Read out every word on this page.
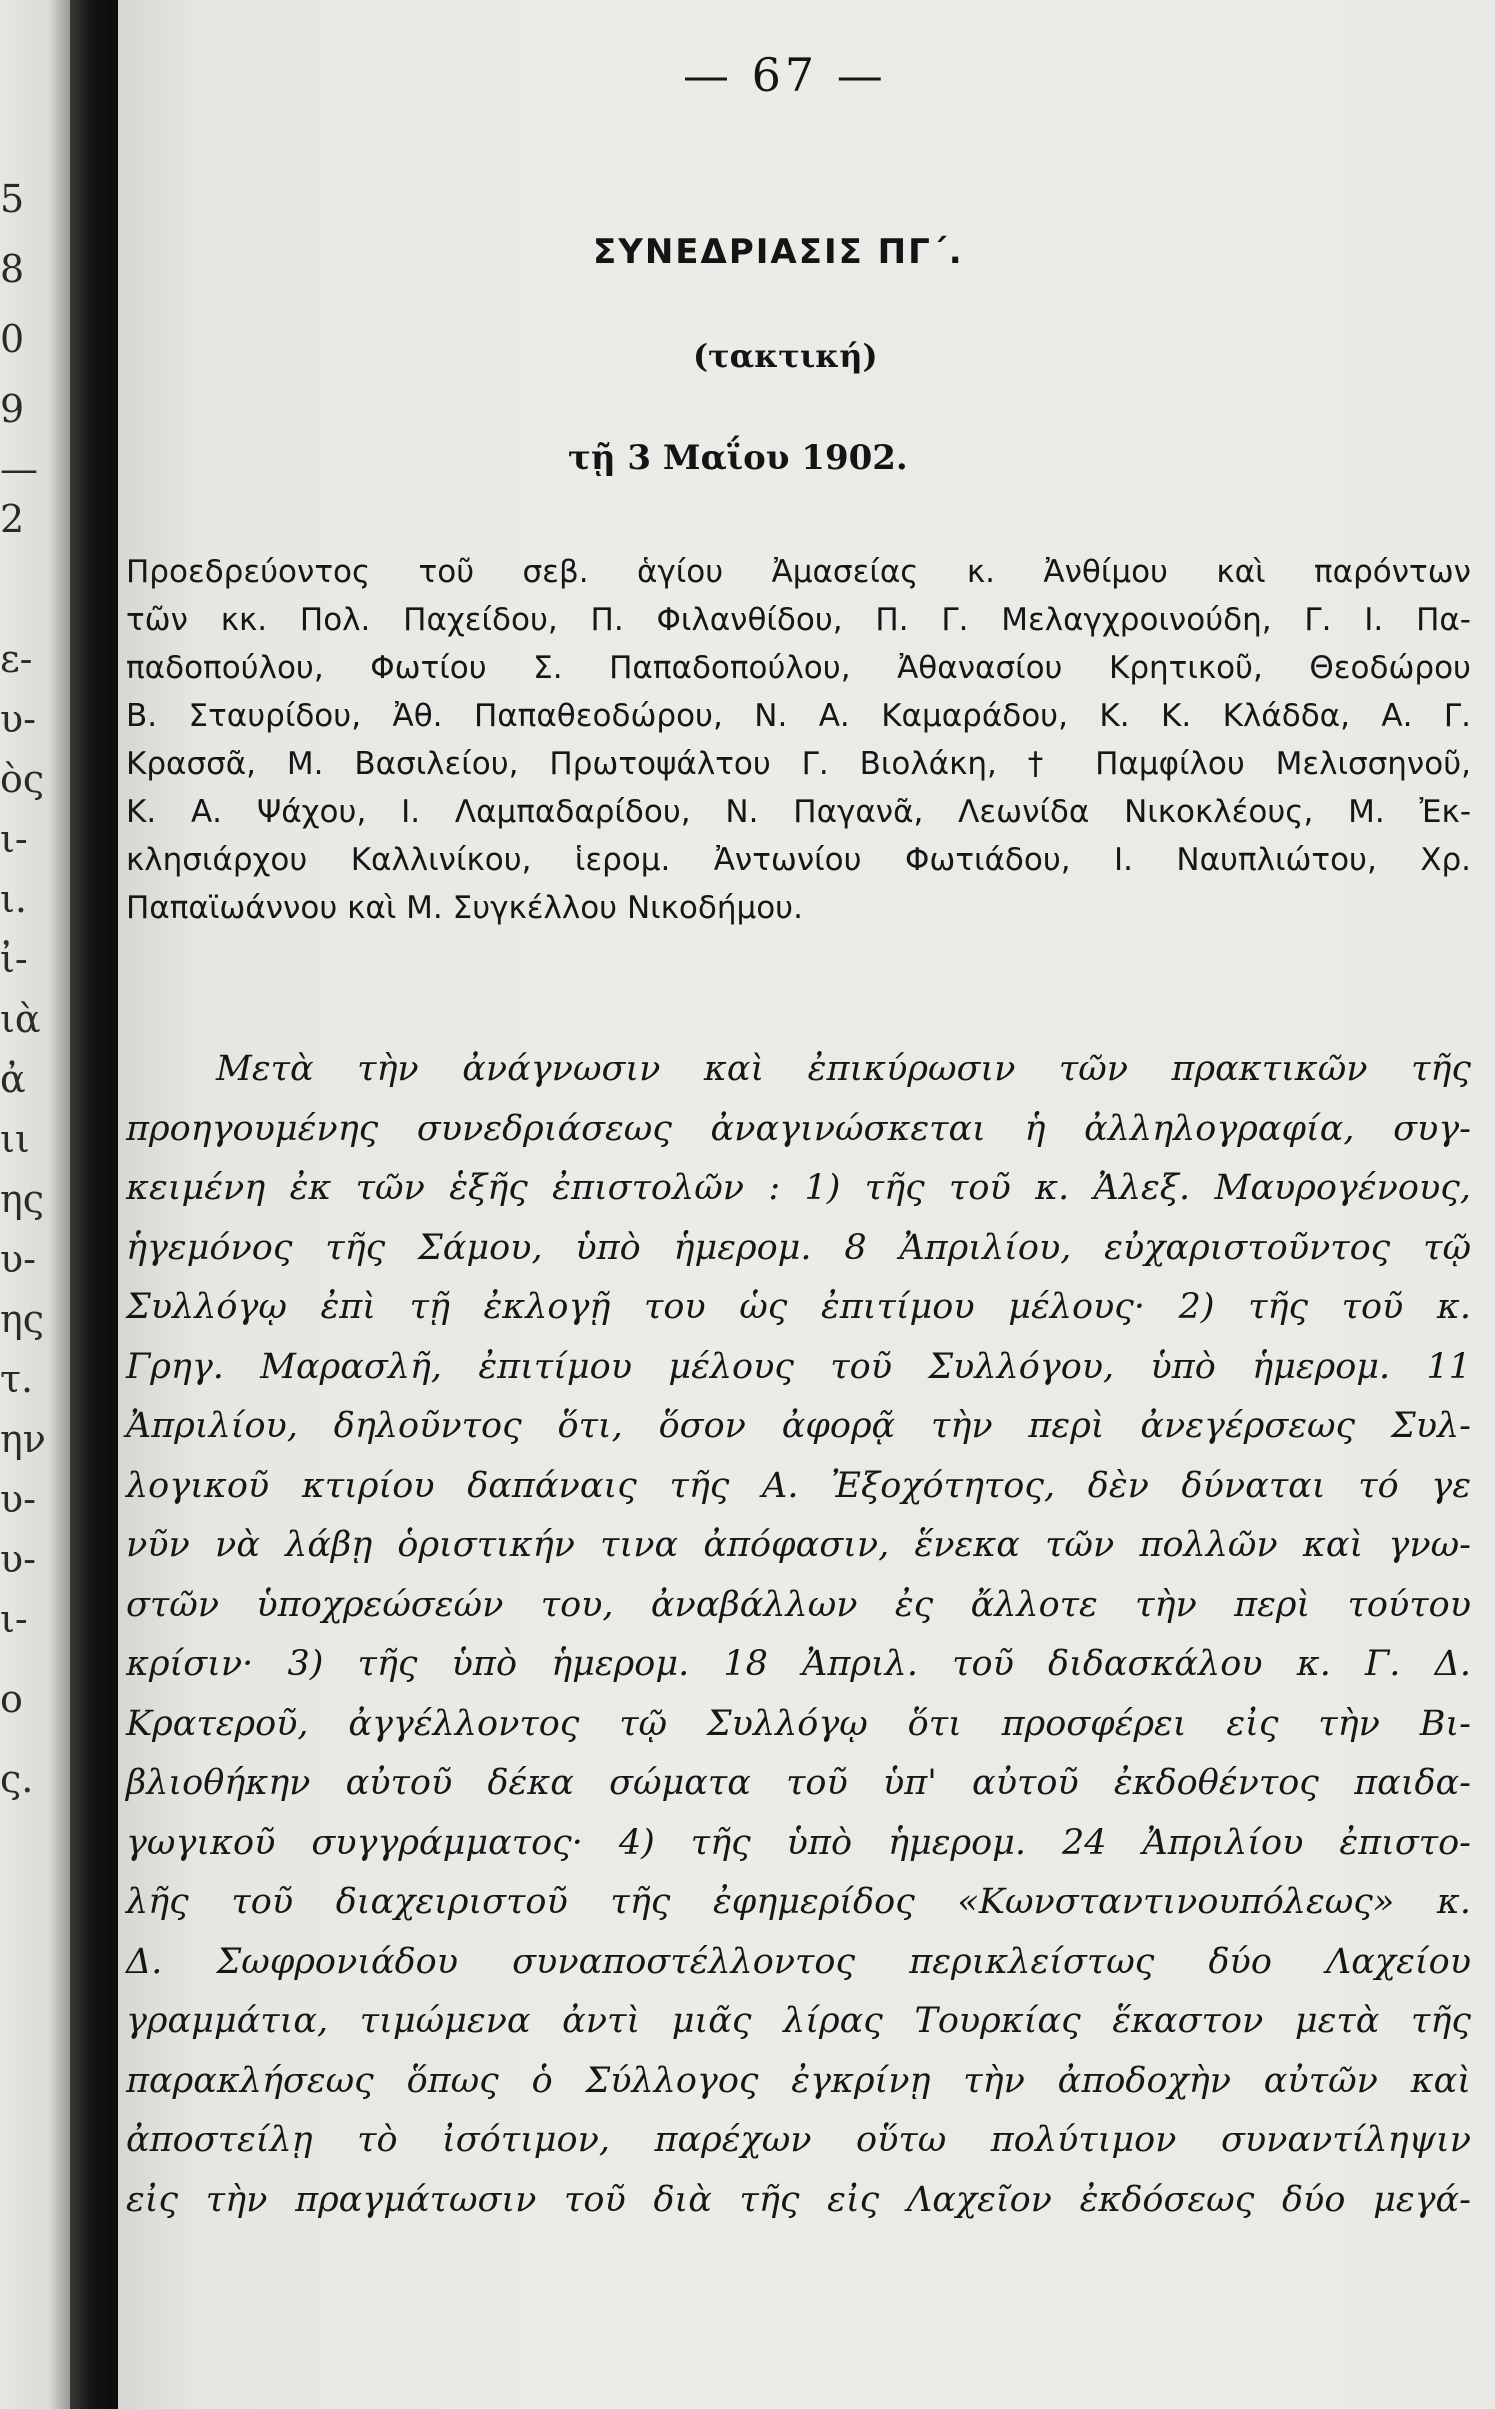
5
8
0
9
—
2
ε-
υ-
ὸς
ι-
ι.
ἰ-
ιὰ
ἀ
ιι
ης
υ-
ης
τ.
ην
υ-
υ-
ι-
ο
ς.
— 67 —
ΣΥΝΕΔΡΙΑΣΙΣ ΠΓ΄.
(τακτική)
τῇ 3 Μαΐου 1902.
Προεδρεύοντος τοῦ σεβ. ἁγίου Ἀμασείας κ. Ἀνθίμου καὶ παρόντων
τῶν κκ. Πολ. Παχείδου, Π. Φιλανθίδου, Π. Γ. Μελαγχροινούδη, Γ. Ι. Πα-
παδοπούλου, Φωτίου Σ. Παπαδοπούλου, Ἀθανασίου Κρητικοῦ, Θεοδώρου
Β. Σταυρίδου, Ἀθ. Παπαθεοδώρου, Ν. Α. Καμαράδου, Κ. Κ. Κλάδδα, Α. Γ.
Κρασσᾶ, Μ. Βασιλείου, Πρωτοψάλτου Γ. Βιολάκη, † Παμφίλου Μελισσηνοῦ,
Κ. Α. Ψάχου, Ι. Λαμπαδαρίδου, Ν. Παγανᾶ, Λεωνίδα Νικοκλέους, Μ. Ἐκ-
κλησιάρχου Καλλινίκου, ἱερομ. Ἀντωνίου Φωτιάδου, Ι. Ναυπλιώτου, Χρ.
Παπαϊωάννου καὶ Μ. Συγκέλλου Νικοδήμου.
Μετὰ τὴν ἀνάγνωσιν καὶ ἐπικύρωσιν τῶν πρακτικῶν τῆς
προηγουμένης συνεδριάσεως ἀναγινώσκεται ἡ ἀλληλογραφία, συγ-
κειμένη ἐκ τῶν ἑξῆς ἐπιστολῶν : 1) τῆς τοῦ κ. Ἀλεξ. Μαυρογένους,
ἡγεμόνος τῆς Σάμου, ὑπὸ ἡμερομ. 8 Ἀπριλίου, εὐχαριστοῦντος τῷ
Συλλόγῳ ἐπὶ τῇ ἐκλογῇ του ὡς ἐπιτίμου μέλους· 2) τῆς τοῦ κ.
Γρηγ. Μαρασλῆ, ἐπιτίμου μέλους τοῦ Συλλόγου, ὑπὸ ἡμερομ. 11
Ἀπριλίου, δηλοῦντος ὅτι, ὅσον ἀφορᾷ τὴν περὶ ἀνεγέρσεως Συλ-
λογικοῦ κτιρίου δαπάναις τῆς Α. Ἐξοχότητος, δὲν δύναται τό γε
νῦν νὰ λάβῃ ὁριστικήν τινα ἀπόφασιν, ἕνεκα τῶν πολλῶν καὶ γνω-
στῶν ὑποχρεώσεών του, ἀναβάλλων ἐς ἄλλοτε τὴν περὶ τούτου
κρίσιν· 3) τῆς ὑπὸ ἡμερομ. 18 Ἀπριλ. τοῦ διδασκάλου κ. Γ. Δ.
Κρατεροῦ, ἀγγέλλοντος τῷ Συλλόγῳ ὅτι προσφέρει εἰς τὴν Βι-
βλιοθήκην αὐτοῦ δέκα σώματα τοῦ ὑπ' αὐτοῦ ἐκδοθέντος παιδα-
γωγικοῦ συγγράμματος· 4) τῆς ὑπὸ ἡμερομ. 24 Ἀπριλίου ἐπιστο-
λῆς τοῦ διαχειριστοῦ τῆς ἐφημερίδος «Κωνσταντινουπόλεως» κ.
Δ. Σωφρονιάδου συναποστέλλοντος περικλείστως δύο Λαχείου
γραμμάτια, τιμώμενα ἀντὶ μιᾶς λίρας Τουρκίας ἕκαστον μετὰ τῆς
παρακλήσεως ὅπως ὁ Σύλλογος ἐγκρίνῃ τὴν ἀποδοχὴν αὐτῶν καὶ
ἀποστείλῃ τὸ ἰσότιμον, παρέχων οὕτω πολύτιμον συναντίληψιν
εἰς τὴν πραγμάτωσιν τοῦ διὰ τῆς εἰς Λαχεῖον ἐκδόσεως δύο μεγά-
